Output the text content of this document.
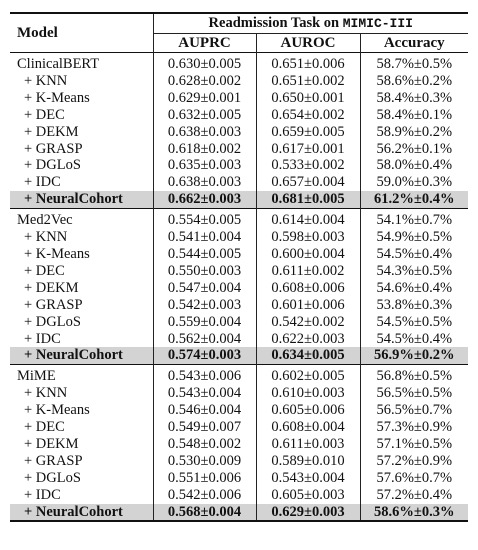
Model	Readmission Task on MIMIC-III		
	AUPRC	AUROC	Accuracy
ClinicalBERT	0.630±0.005	0.651±0.006	58.7%±0.5%
+ KNN	0.628±0.002	0.651±0.002	58.6%±0.2%
+ K-Means	0.629±0.001	0.650±0.001	58.4%±0.3%
+ DEC	0.632±0.005	0.654±0.002	58.4%±0.1%
+ DEKM	0.638±0.003	0.659±0.005	58.9%±0.2%
+ GRASP	0.618±0.002	0.617±0.001	56.2%±0.1%
+ DGLoS	0.635±0.003	0.533±0.002	58.0%±0.4%
+ IDC	0.638±0.003	0.657±0.004	59.0%±0.3%
+ NeuralCohort	0.662±0.003	0.681±0.005	61.2%±0.4%
Med2Vec	0.554±0.005	0.614±0.004	54.1%±0.7%
+ KNN	0.541±0.004	0.598±0.003	54.9%±0.5%
+ K-Means	0.544±0.005	0.600±0.004	54.5%±0.4%
+ DEC	0.550±0.003	0.611±0.002	54.3%±0.5%
+ DEKM	0.547±0.004	0.608±0.006	54.6%±0.4%
+ GRASP	0.542±0.003	0.601±0.006	53.8%±0.3%
+ DGLoS	0.559±0.004	0.542±0.002	54.5%±0.5%
+ IDC	0.562±0.004	0.622±0.003	54.5%±0.4%
+ NeuralCohort	0.574±0.003	0.634±0.005	56.9%±0.2%
MiME	0.543±0.006	0.602±0.005	56.8%±0.5%
+ KNN	0.543±0.004	0.610±0.003	56.5%±0.5%
+ K-Means	0.546±0.004	0.605±0.006	56.5%±0.7%
+ DEC	0.549±0.007	0.608±0.004	57.3%±0.9%
+ DEKM	0.548±0.002	0.611±0.003	57.1%±0.5%
+ GRASP	0.530±0.009	0.589±0.010	57.2%±0.9%
+ DGLoS	0.551±0.006	0.543±0.004	57.6%±0.7%
+ IDC	0.542±0.006	0.605±0.003	57.2%±0.4%
+ NeuralCohort	0.568±0.004	0.629±0.003	58.6%±0.3%
